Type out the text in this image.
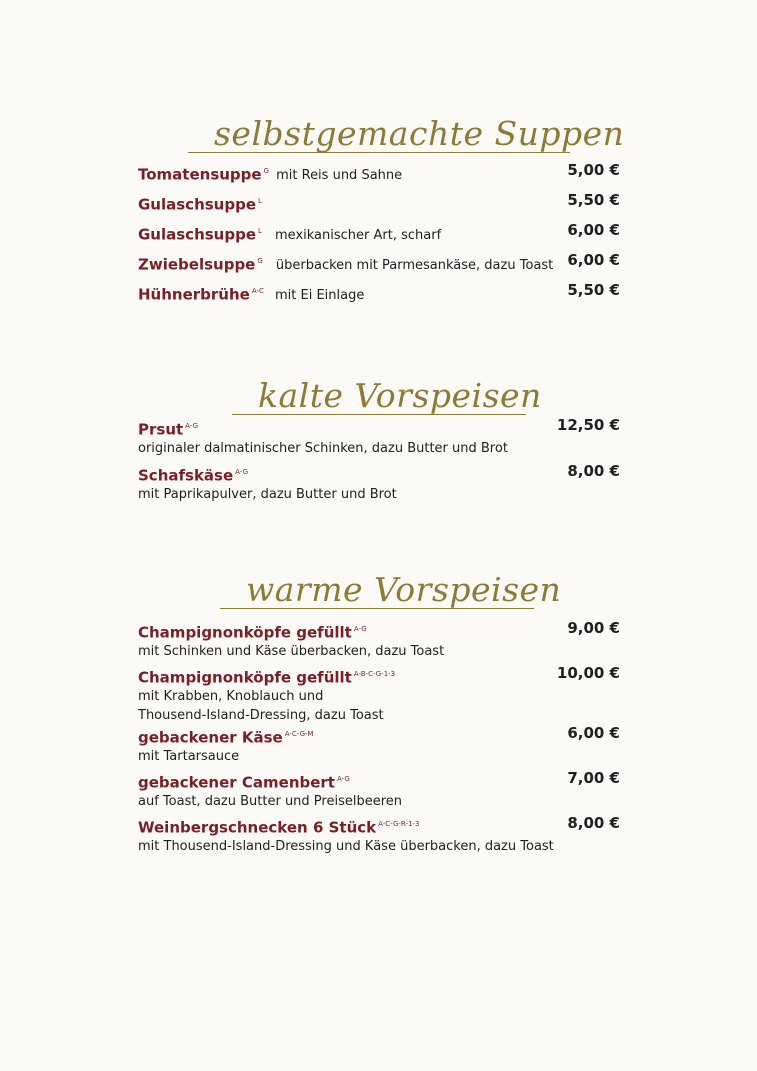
selbstgemachte Suppen
Tomatensuppe $^G$ mit Reis und Sahne	5,00 €
Gulaschsuppe $^L$	5,50 €
Gulaschsuppe $^L$ mexikanischer Art, scharf	6,00 €
Zwiebelsuppe $^G$ überbacken mit Parmesankäse, dazu Toast 6,00 €
Hühnerbrühe $^{A-C}$ mit Ei Einlage	5,50 €
kalte Vorspeisen
Prsut $^{A-G}$
originaler dalmatinischer Schinken, dazu Butter und Brot
12,50 €
Schafskäse $^{A-G}$
mit Paprikapulver, dazu Butter und Brot
8,00 €
warme Vorspeisen
Champignonköpfe gefüllt $^{A-G}$
mit Schinken und Käse überbacken, dazu Toast
9,00 €
Champignonköpfe gefüllt $^{A-B-C-G-1-3}$
mit Krabben, Knoblauch und
Thousend-Island-Dressing, dazu Toast
10,00 €
gebackener Käse $^{A-C-G-M}$
mit Tartarsauce
6,00 €
gebackener Camenbert $^{A-G}$
auf Toast, dazu Butter und Preiselbeeren
7,00 €
Weinbergschnecken 6 Stück $^{A-C-G-R-1-3}$
mit Thousend-Island-Dressing und Käse überbacken, dazu Toast
8,00 €
